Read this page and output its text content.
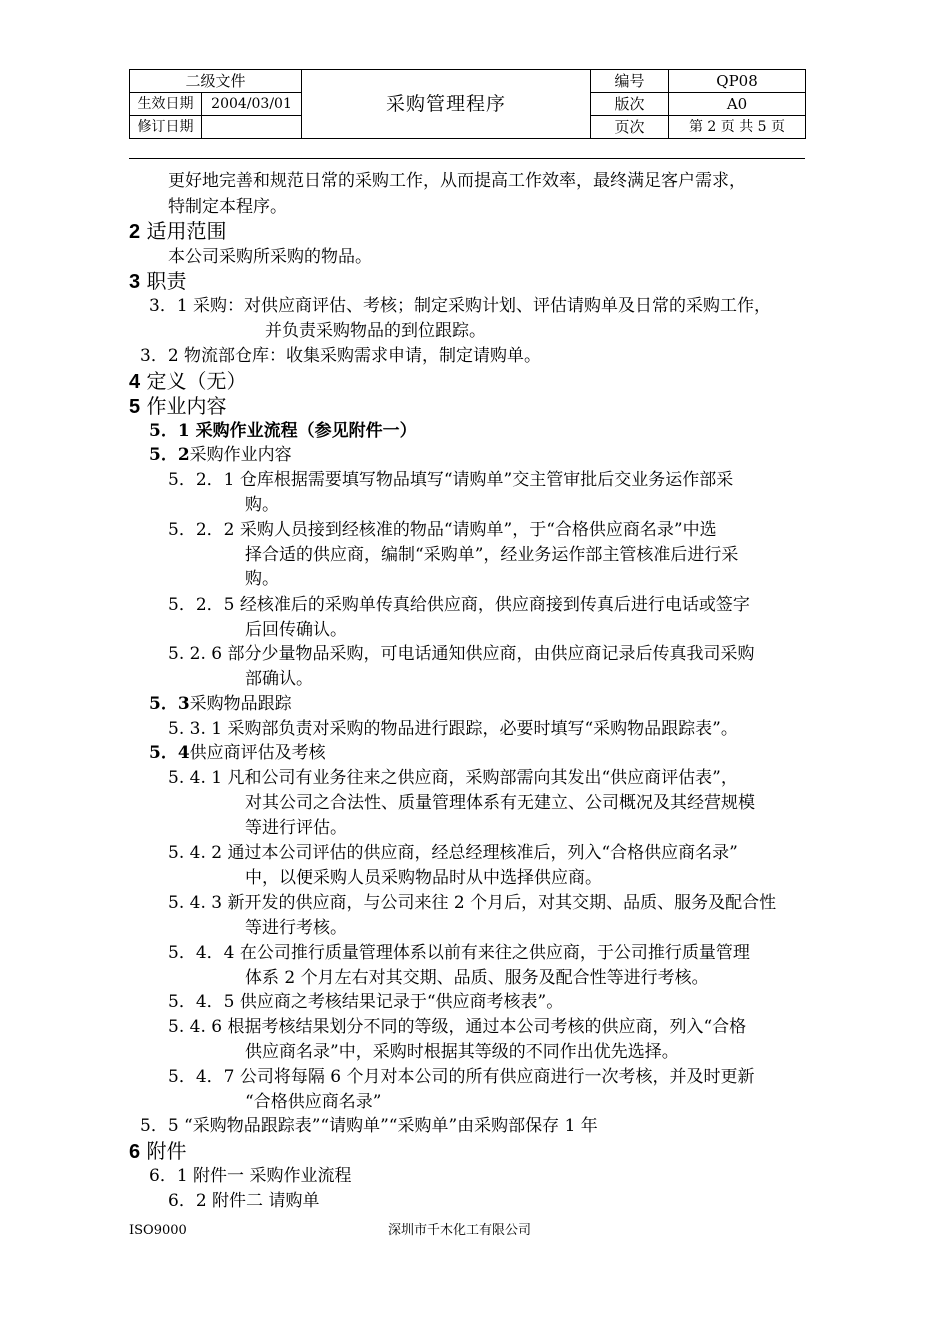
二级文件		采购管理程序	编号	QP08
生效日期	2004/03/01		版次	A0
修订日期			页次	第 2 页 共 5 页
更好地完善和规范日常的采购工作，从而提高工作效率，最终满足客户需求，
特制定本程序。
2 适用范围
本公司采购所采购的物品。
3 职责
3．1 采购：对供应商评估、考核；制定采购计划、评估请购单及日常的采购工作，
并负责采购物品的到位跟踪。
3．2 物流部仓库：收集采购需求申请，制定请购单。
4 定义（无）
5 作业内容
5．1 采购作业流程（参见附件一）
5．2采购作业内容
5．2．1 仓库根据需要填写物品填写“请购单”交主管审批后交业务运作部采
购。
5．2．2 采购人员接到经核准的物品“请购单”，于“合格供应商名录”中选
择合适的供应商，编制“采购单”，经业务运作部主管核准后进行采
购。
5．2．5 经核准后的采购单传真给供应商，供应商接到传真后进行电话或签字
后回传确认。
5. 2. 6 部分少量物品采购，可电话通知供应商，由供应商记录后传真我司采购
部确认。
5．3采购物品跟踪
5. 3. 1 采购部负责对采购的物品进行跟踪，必要时填写“采购物品跟踪表”。
5．4供应商评估及考核
5. 4. 1 凡和公司有业务往来之供应商，采购部需向其发出“供应商评估表”，
对其公司之合法性、质量管理体系有无建立、公司概况及其经营规模
等进行评估。
5. 4. 2 通过本公司评估的供应商，经总经理核准后，列入“合格供应商名录”
中，以便采购人员采购物品时从中选择供应商。
5. 4. 3 新开发的供应商，与公司来往 2 个月后，对其交期、品质、服务及配合性
等进行考核。
5．4．4 在公司推行质量管理体系以前有来往之供应商，于公司推行质量管理
体系 2 个月左右对其交期、品质、服务及配合性等进行考核。
5．4．5 供应商之考核结果记录于“供应商考核表”。
5. 4. 6 根据考核结果划分不同的等级，通过本公司考核的供应商，列入“合格
供应商名录”中，采购时根据其等级的不同作出优先选择。
5．4．7 公司将每隔 6 个月对本公司的所有供应商进行一次考核，并及时更新
“合格供应商名录”
5．5 “采购物品跟踪表”“请购单”“采购单”由采购部保存 1 年
6 附件
6．1 附件一 采购作业流程
6．2 附件二 请购单
ISO9000	深圳市千木化工有限公司
